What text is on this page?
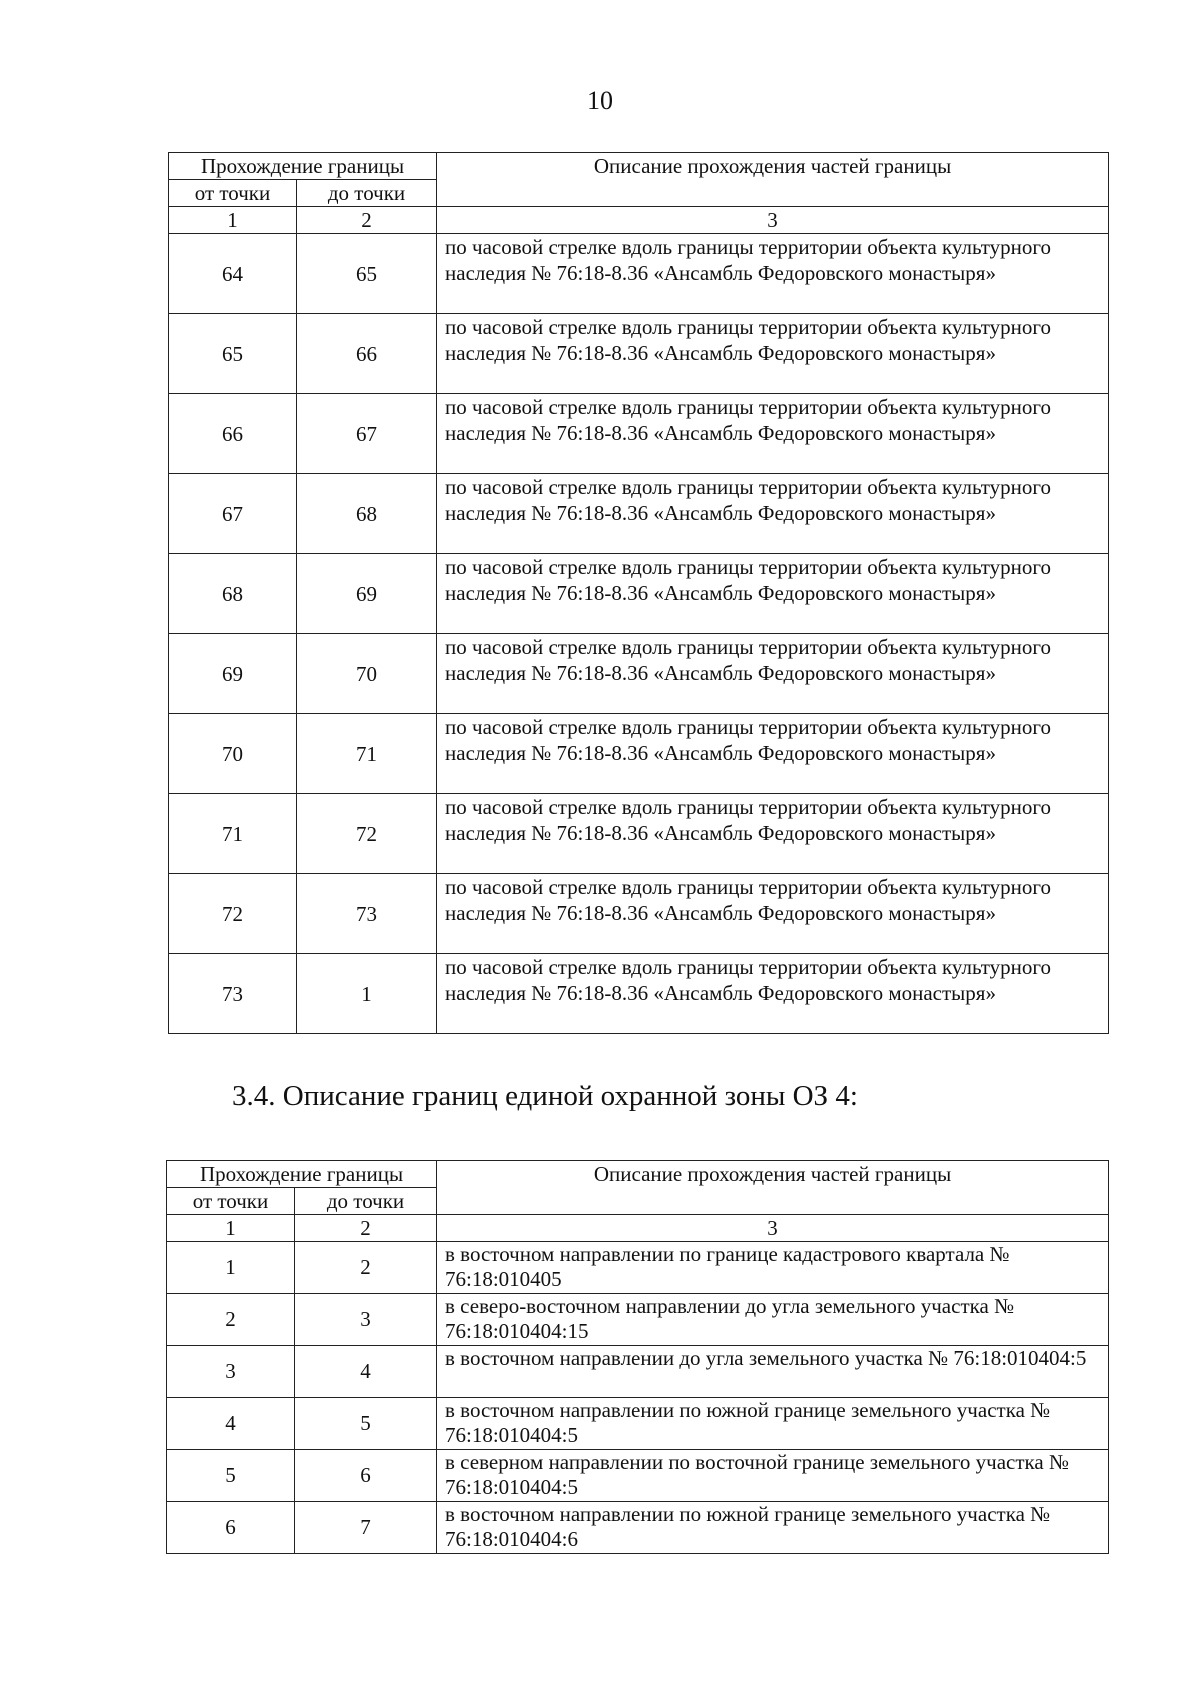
10
Прохождение границы		Описание прохождения частей границы
от точки	до точки	
1	2	3
64	65	по часовой стрелке вдоль границы территории объекта культурного наследия № 76:18-8.36 «Ансамбль Федоровского монастыря»
65	66	по часовой стрелке вдоль границы территории объекта культурного наследия № 76:18-8.36 «Ансамбль Федоровского монастыря»
66	67	по часовой стрелке вдоль границы территории объекта культурного наследия № 76:18-8.36 «Ансамбль Федоровского монастыря»
67	68	по часовой стрелке вдоль границы территории объекта культурного наследия № 76:18-8.36 «Ансамбль Федоровского монастыря»
68	69	по часовой стрелке вдоль границы территории объекта культурного наследия № 76:18-8.36 «Ансамбль Федоровского монастыря»
69	70	по часовой стрелке вдоль границы территории объекта культурного наследия № 76:18-8.36 «Ансамбль Федоровского монастыря»
70	71	по часовой стрелке вдоль границы территории объекта культурного наследия № 76:18-8.36 «Ансамбль Федоровского монастыря»
71	72	по часовой стрелке вдоль границы территории объекта культурного наследия № 76:18-8.36 «Ансамбль Федоровского монастыря»
72	73	по часовой стрелке вдоль границы территории объекта культурного наследия № 76:18-8.36 «Ансамбль Федоровского монастыря»
73	1	по часовой стрелке вдоль границы территории объекта культурного наследия № 76:18-8.36 «Ансамбль Федоровского монастыря»
3.4. Описание границ единой охранной зоны ОЗ 4:
Прохождение границы		Описание прохождения частей границы
от точки	до точки	
1	2	3
1	2	в восточном направлении по границе кадастрового квартала № 76:18:010405
2	3	в северо-восточном направлении до угла земельного участка № 76:18:010404:15
3	4	в восточном направлении до угла земельного участка № 76:18:010404:5
4	5	в восточном направлении по южной границе земельного участка № 76:18:010404:5
5	6	в северном направлении по восточной границе земельного участка № 76:18:010404:5
6	7	в восточном направлении по южной границе земельного участка № 76:18:010404:6
